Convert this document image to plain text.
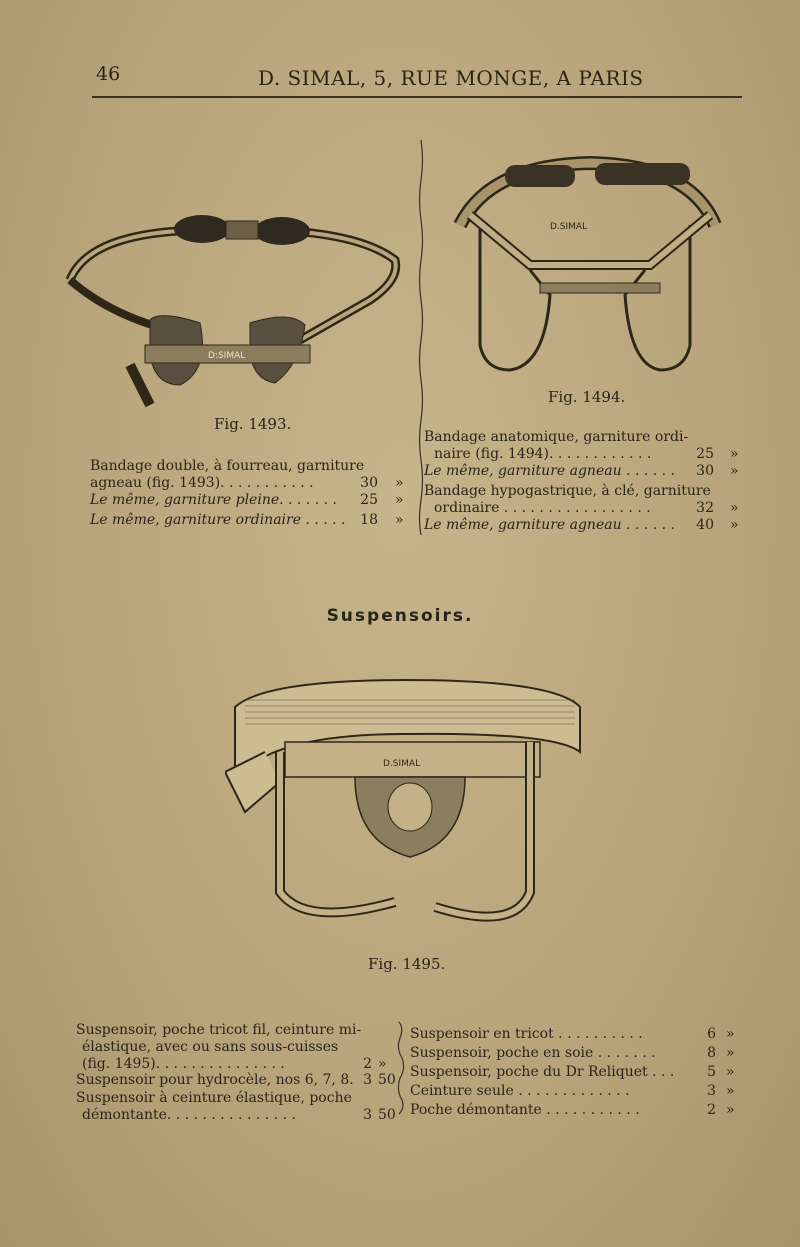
46	D. SIMAL, 5, RUE MONGE, A PARIS
D:SIMAL
Fig. 1493.
D.SIMAL
Fig. 1494.
Bandage double, à fourreau, garniture
agneau (fig. 1493). . . . . . . . . . .	30 »
Le même, garniture pleine. . . . . . .	25 »
Le même, garniture ordinaire . . . . .	18 »
Bandage anatomique, garniture ordi-
naire (fig. 1494). . . . . . . . . . . .	25 »
Le même, garniture agneau . . . . . .	30 »
Bandage hypogastrique, à clé, garniture
ordinaire . . . . . . . . . . . . . . . . .	32 »
Le même, garniture agneau . . . . . .	40 »
Suspensoirs.
D.SIMAL
Fig. 1495.
Suspensoir, poche tricot fil, ceinture mi-
élastique, avec ou sans sous-cuisses
(fig. 1495). . . . . . . . . . . . . . .	2 »
Suspensoir pour hydrocèle, nos 6, 7, 8. 3 50
Suspensoir à ceinture élastique, poche
démontante. . . . . . . . . . . . . . .	3 50
Suspensoir en tricot . . . . . . . . . .	6 »
Suspensoir, poche en soie . . . . . . .	8 »
Suspensoir, poche du Dr Reliquet . . .	5 »
Ceinture seule . . . . . . . . . . . . .	3 »
Poche démontante . . . . . . . . . . .	2 »
